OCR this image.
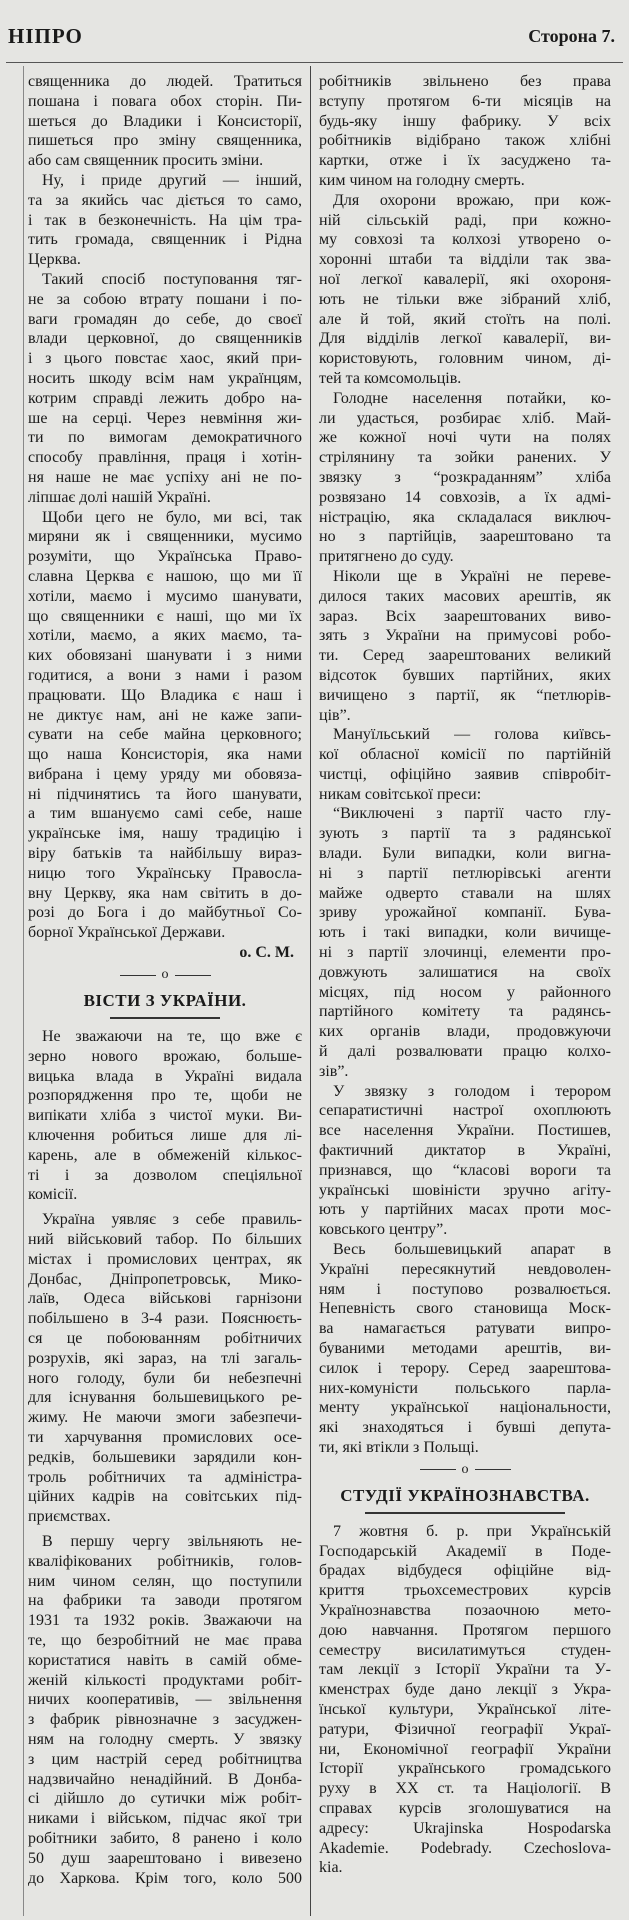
НІПРО	Сторона 7.
священника до людей. Тратиться
пошана і повага обох сторін. Пи-
шеться до Владики і Консисторії,
пишеться про зміну священника,
або сам священник просить зміни.
Ну, і приде другий — інший,
та за якийсь час діється то само,
і так в безконечність. На цім тра-
тить громада, священник і Рідна
Церква.
Такий спосіб поступовання тяг-
не за собою втрату пошани і по-
ваги громадян до себе, до своєї
влади церковної, до священників
і з цього повстає хаос, який при-
носить шкоду всім нам українцям,
котрим справді лежить добро на-
ше на серці. Через невміння жи-
ти по вимогам демократичного
способу правління, праця і хотін-
ня наше не має успіху ані не по-
ліпшає долі нашій Україні.
Щоби цего не було, ми всі, так
миряни як і священники, мусимо
розуміти, що Українська Право-
славна Церква є нашою, що ми її
хотіли, маємо і мусимо шанувати,
що священники є наші, що ми їх
хотіли, маємо, а яких маємо, та-
ких обовязані шанувати і з ними
годитися, а вони з нами і разом
працювати. Що Владика є наш і
не диктує нам, ані не каже запи-
сувати на себе майна церковного;
що наша Консисторія, яка нами
вибрана і цему уряду ми обовяза-
ні підчинятись та його шанувати,
а тим вшануємо самі себе, наше
українське імя, нашу традицію і
віру батьків та найбільшу вираз-
ницю того Українську Правосла-
вну Церкву, яка нам світить в до-
розі до Бога і до майбутньої Со-
борної Української Держави.
о. С. М.
o
ВІСТИ З УКРАЇНИ.
Не зважаючи на те, що вже є
зерно нового врожаю, больше-
вицька влада в Україні видала
розпорядження про те, щоби не
випікати хліба з чистої муки. Ви-
ключення робиться лише для лі-
карень, але в обмеженій кількос-
ті і за дозволом спеціяльної
комісії.
Україна уявляє з себе правиль-
ний військовий табор. По більших
містах і промислових центрах, як
Донбас, Дніпропетровськ, Мико-
лаїв, Одеса військові гарнізони
побільшено в 3-4 рази. Пояснюєть-
ся це побоюванням робітничих
розрухів, які зараз, на тлі загаль-
ного голоду, були би небезпечні
для існування большевицького ре-
жиму. Не маючи змоги забезпечи-
ти харчування промислових осе-
редків, большевики зарядили кон-
троль робітничих та адміністра-
ційних кадрів на совітських під-
приємствах.
В першу чергу звільняють не-
кваліфікованих робітників, голов-
ним чином селян, що поступили
на фабрики та заводи протягом
1931 та 1932 років. Зважаючи на
те, що безробітний не має права
користатися навіть в самій обме-
женій кількості продуктами робіт-
ничих кооперативів, — звільнення
з фабрик рівнозначне з засуджен-
ням на голодну смерть. У звязку
з цим настрій серед робітництва
надзвичайно ненадійний. В Донба-
сі дійшло до сутички між робіт-
никами і військом, підчас якої три
робітники забито, 8 ранено і коло
50 душ заарештовано і вивезено
до Харкова. Крім того, коло 500
робітників звільнено без права
вступу протягом 6-ти місяців на
будь-яку іншу фабрику. У всіх
робітників відібрано також хлібні
картки, отже і їх засуджено та-
ким чином на голодну смерть.
Для охорони врожаю, при кож-
ній сільській раді, при кожно-
му совхозі та колхозі утворено о-
хоронні штаби та відділи так зва-
ної легкої кавалерії, які охороня-
ють не тільки вже зібраний хліб,
але й той, який стоїть на полі.
Для відділів легкої кавалерії, ви-
користовують, головним чином, ді-
тей та комсомольців.
Голодне населення потайки, ко-
ли удасться, розбирає хліб. Май-
же кожної ночі чути на полях
стрілянину та зойки ранених. У
звязку з “розкраданням” хліба
розвязано 14 совхозів, а їх адмі-
ністрацію, яка складалася виключ-
но з партійців, заарештовано та
притягнено до суду.
Ніколи ще в Україні не переве-
дилося таких масових арештів, як
зараз. Всіх заарештованих виво-
зять з України на примусові робо-
ти. Серед заарештованих великий
відсоток бувших партійних, яких
вичищено з партії, як “петлюрів-
ців”.
Мануїльський — голова київсь-
кої обласної комісії по партійній
чистці, офіційно заявив співробіт-
никам совітської преси:
“Виключені з партії часто глу-
зують з партії та з радянської
влади. Були випадки, коли вигна-
ні з партії петлюрівські агенти
майже одверто ставали на шлях
зриву урожайної компанії. Бува-
ють і такі випадки, коли вичище-
ні з партії злочинці, елементи про-
довжують залишатися на своїх
місцях, під носом у районного
партійного комітету та радянсь-
ких органів влади, продовжуючи
й далі розвалювати працю колхо-
зів”.
У звязку з голодом і терором
сепаратистичні настрої охоплюють
все населення України. Постишев,
фактичний диктатор в Україні,
признався, що “класові вороги та
українські шовіністи зручно агіту-
ють у партійних масах проти мос-
ковського центру”.
Весь большевицький апарат в
Україні пересякнутий невдоволен-
ням і поступово розвалюється.
Непевність свого становища Моск-
ва намагається ратувати випро-
буваними методами арештів, ви-
силок і терору. Серед заарештова-
них-комуністи польського парла-
менту української національности,
які знаходяться і бувші депута-
ти, які втікли з Польщі.
o
СТУДІЇ УКРАЇНОЗНАВСТВА.
7 жовтня б. р. при Українській
Господарській Академії в Поде-
брадах відбудеся офіційне від-
криття трьохсеместрових курсів
Українознавства позаочною мето-
дою навчання. Протягом першого
семестру висилатимуться студен-
там лекції з Історії України та У-
кменстрах буде дано лекції з Укра-
їнської культури, Української літе-
ратури, Фізичної географії Украї-
ни, Економічної географії України
Історії українського громадського
руху в XX ст. та Націології. В
справах курсів зголошуватися на
адресу: Ukrajinska Hospodarska
Akademie. Podebrady. Czechoslova-
kia.
